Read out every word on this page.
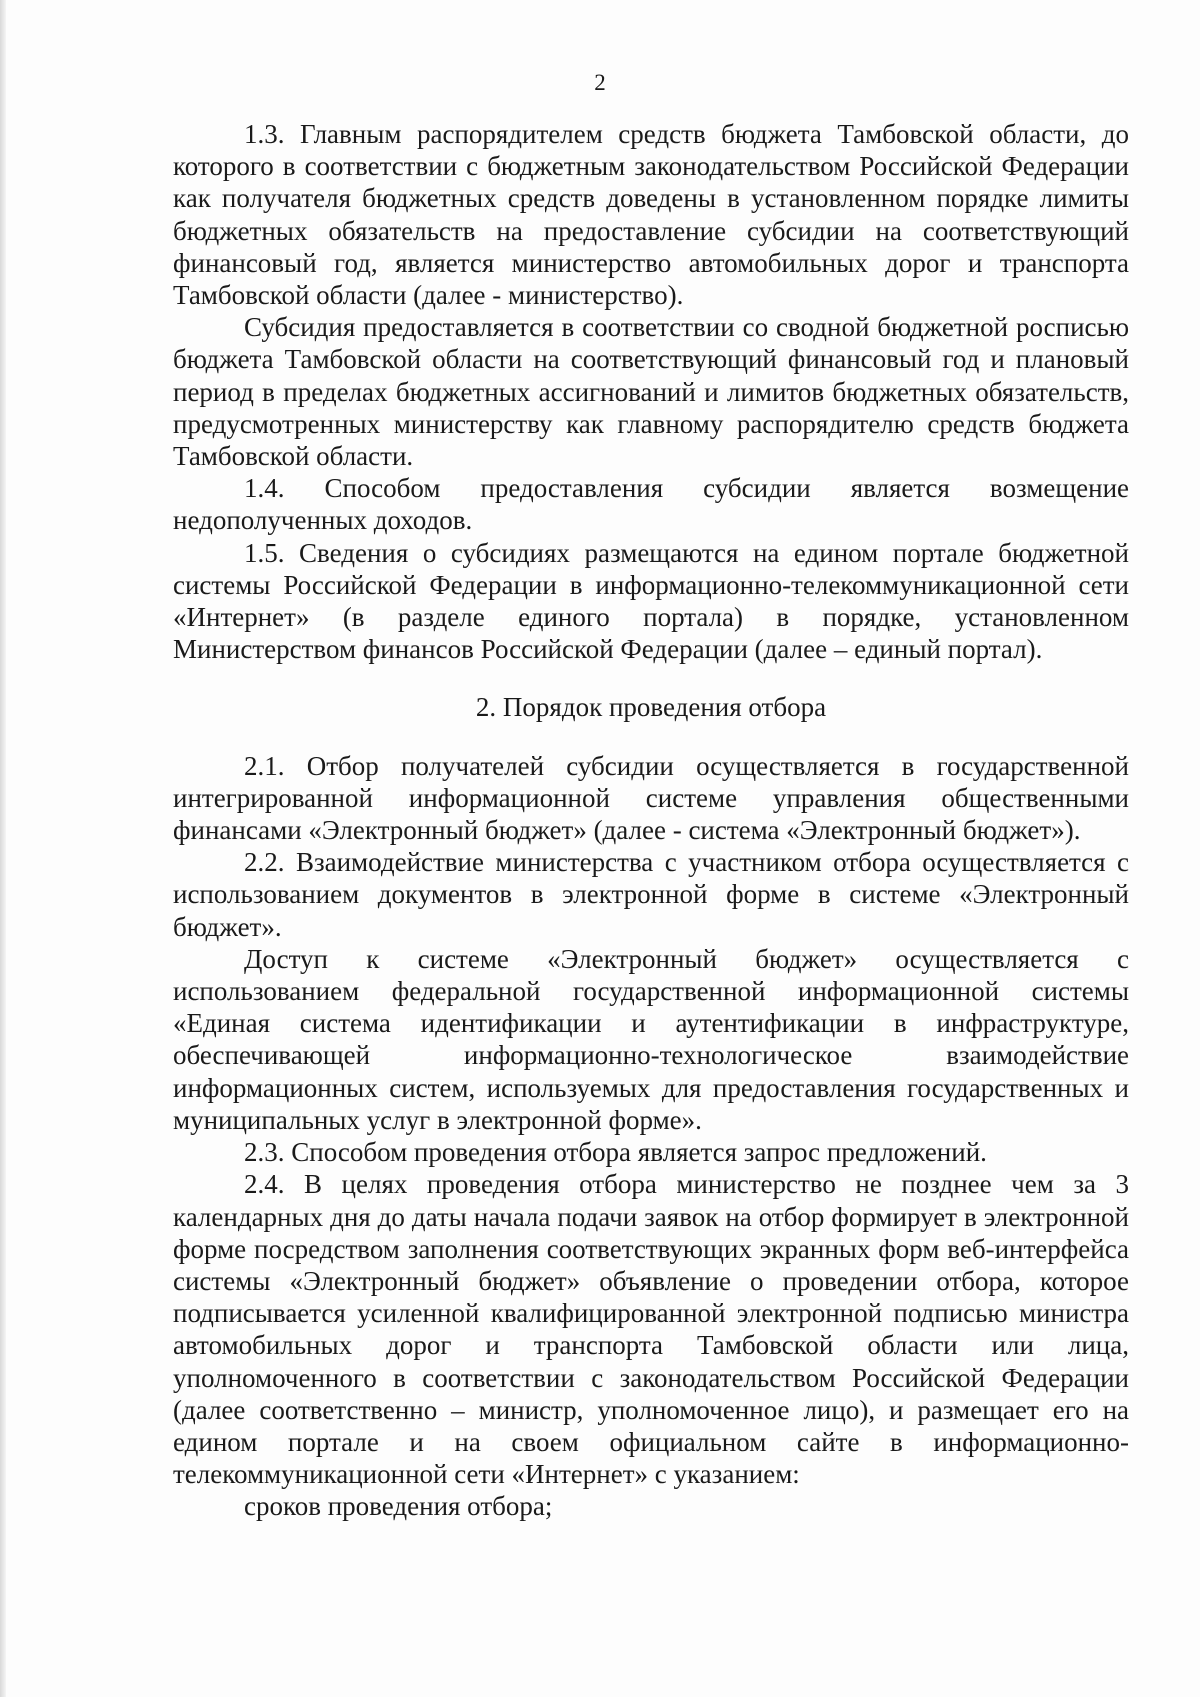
2

1.3. Главным распорядителем средств бюджета Тамбовской области, до которого в соответствии с бюджетным законодательством Российской Федерации как получателя бюджетных средств доведены в установленном порядке лимиты бюджетных обязательств на предоставление субсидии на соответствующий финансовый год, является министерство автомобильных дорог и транспорта Тамбовской области (далее - министерство).

Субсидия предоставляется в соответствии со сводной бюджетной росписью бюджета Тамбовской области на соответствующий финансовый год и плановый период в пределах бюджетных ассигнований и лимитов бюджетных обязательств, предусмотренных министерству как главному распорядителю средств бюджета Тамбовской области.

1.4. Способом предоставления субсидии является возмещение недополученных доходов.

1.5. Сведения о субсидиях размещаются на едином портале бюджетной системы Российской Федерации в информационно-телекоммуникационной сети «Интернет» (в разделе единого портала) в порядке, установленном Министерством финансов Российской Федерации (далее – единый портал).

2. Порядок проведения отбора

2.1. Отбор получателей субсидии осуществляется в государственной интегрированной информационной системе управления общественными финансами «Электронный бюджет» (далее - система «Электронный бюджет»).

2.2. Взаимодействие министерства с участником отбора осуществляется с использованием документов в электронной форме в системе «Электронный бюджет».

Доступ к системе «Электронный бюджет» осуществляется с использованием федеральной государственной информационной системы «Единая система идентификации и аутентификации в инфраструктуре, обеспечивающей информационно-технологическое взаимодействие информационных систем, используемых для предоставления государственных и муниципальных услуг в электронной форме».

2.3. Способом проведения отбора является запрос предложений.

2.4. В целях проведения отбора министерство не позднее чем за 3 календарных дня до даты начала подачи заявок на отбор формирует в электронной форме посредством заполнения соответствующих экранных форм веб-интерфейса системы «Электронный бюджет» объявление о проведении отбора, которое подписывается усиленной квалифицированной электронной подписью министра автомобильных дорог и транспорта Тамбовской области или лица, уполномоченного в соответствии с законодательством Российской Федерации (далее соответственно – министр, уполномоченное лицо), и размещает его на едином портале и на своем официальном сайте в информационно-телекоммуникационной сети «Интернет» с указанием:

сроков проведения отбора;
